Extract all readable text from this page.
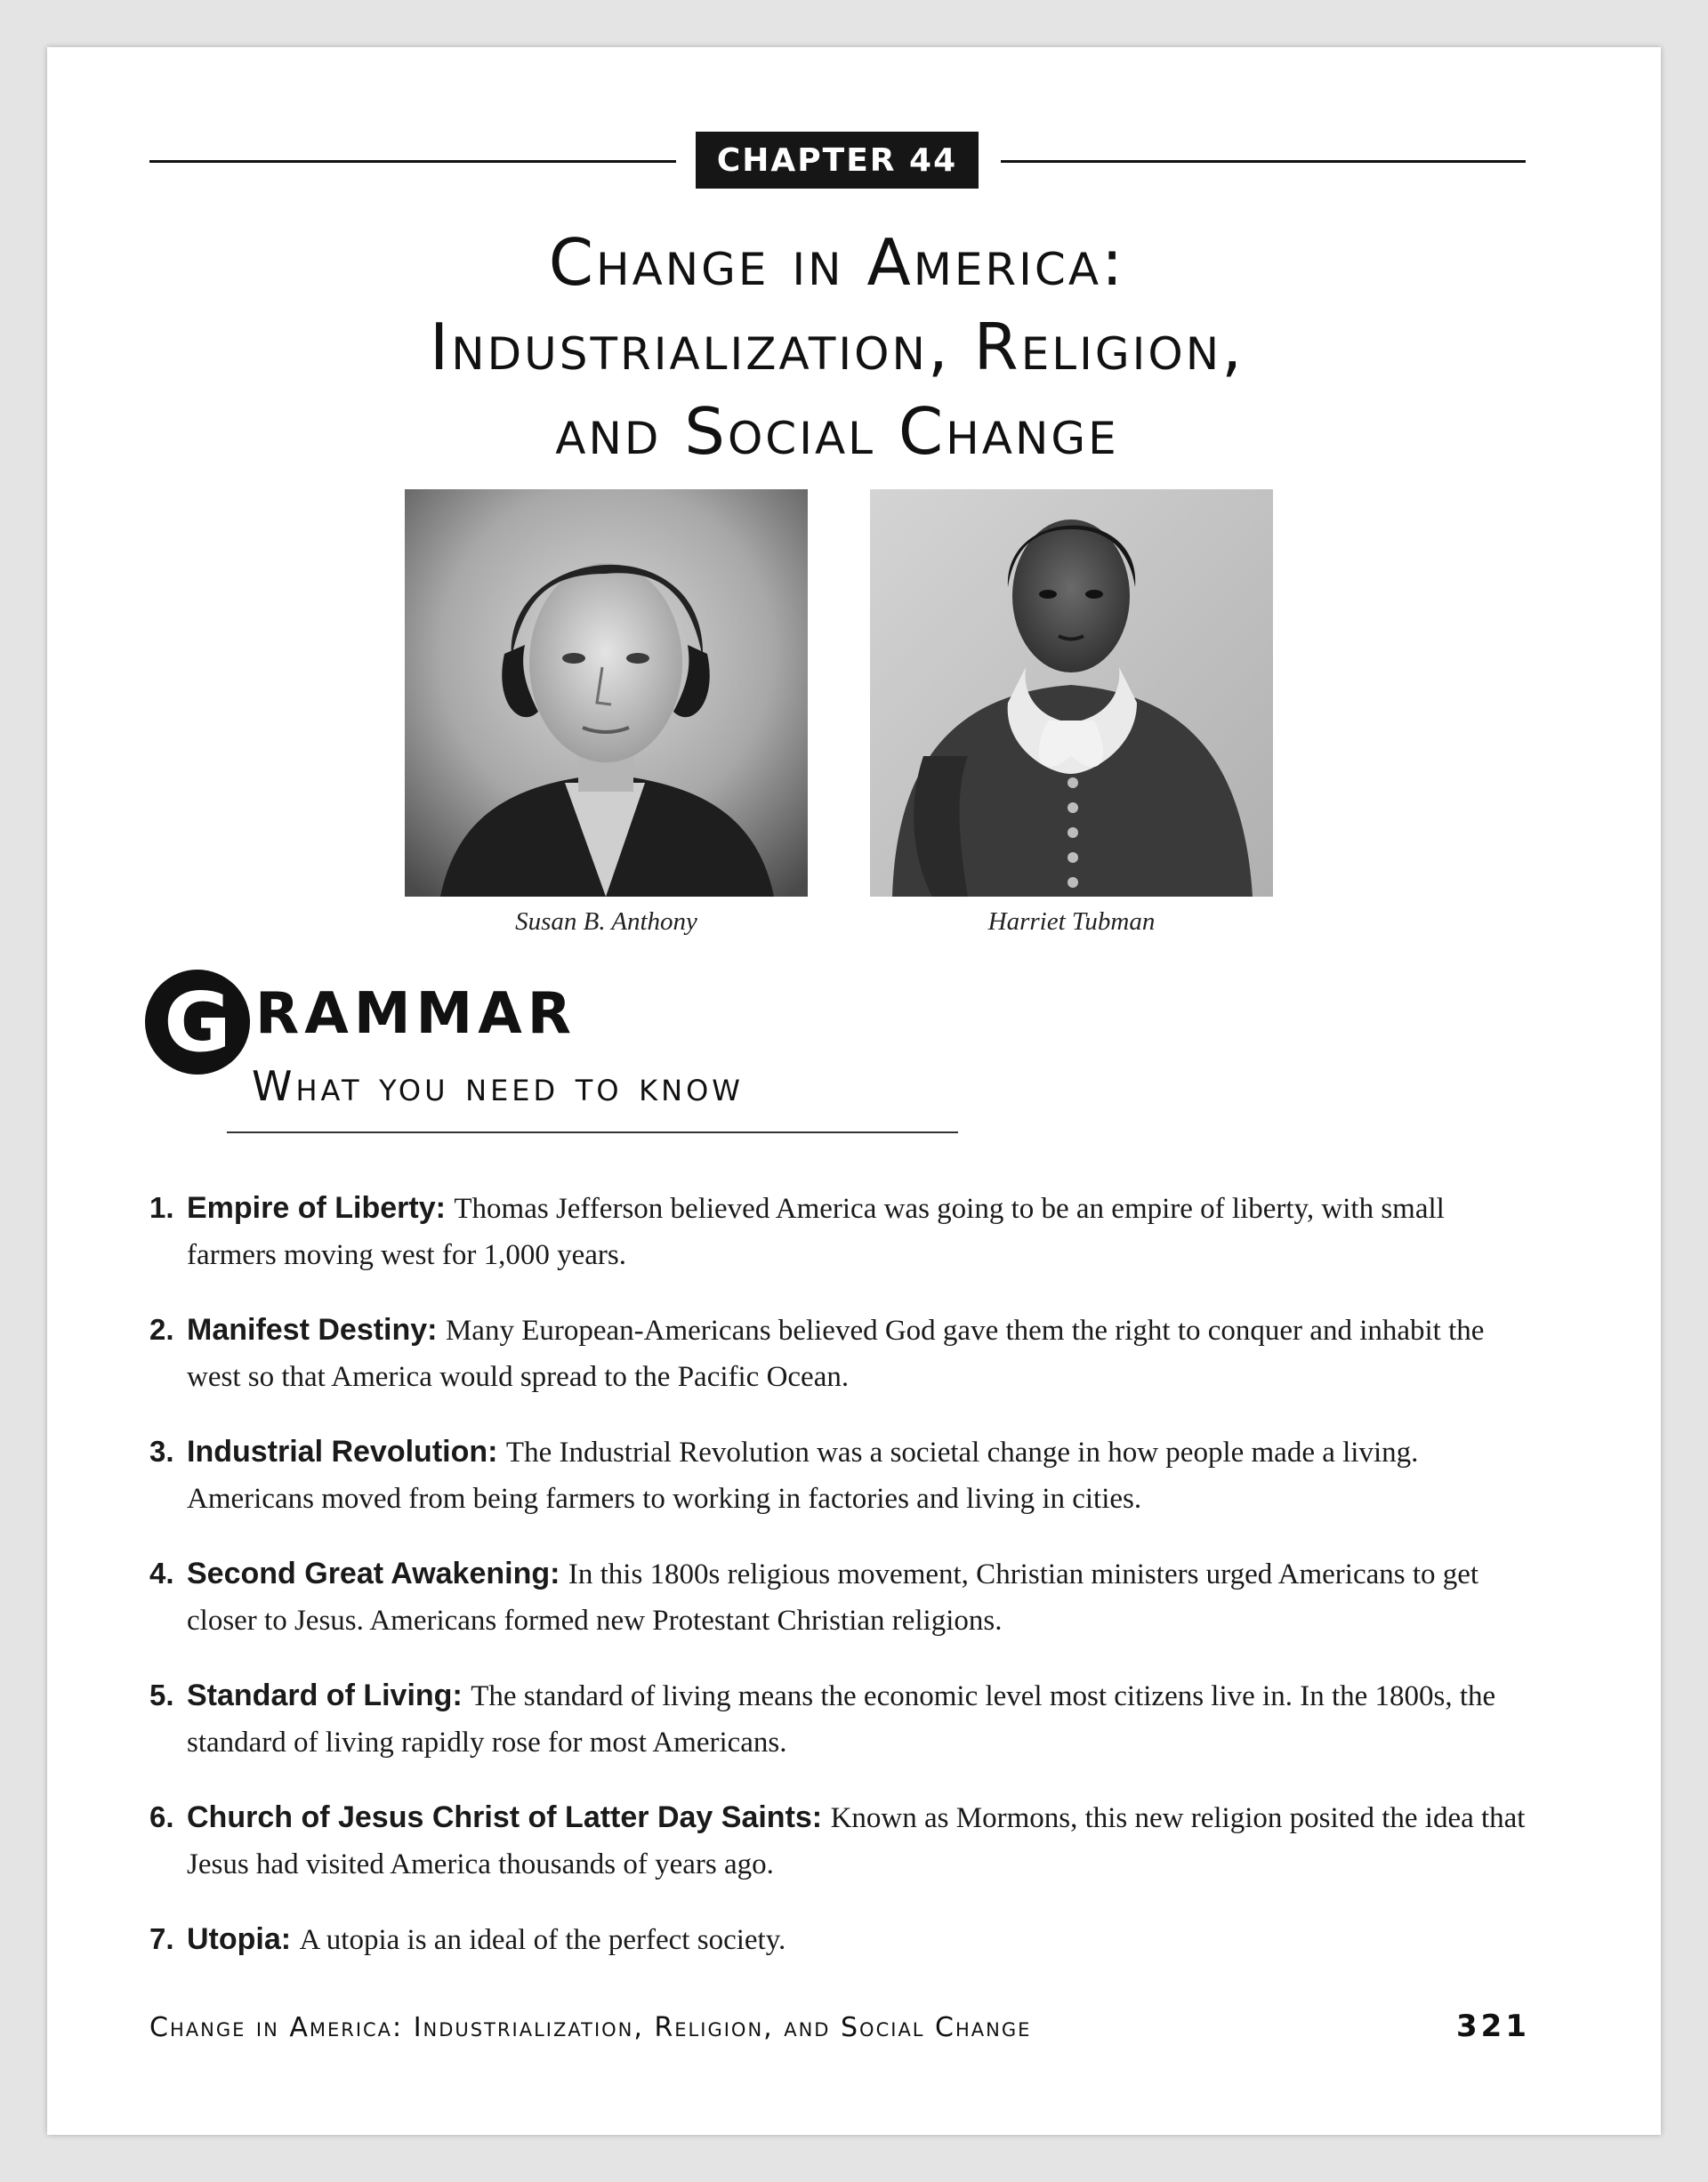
CHAPTER 44
Change in America:
Industrialization, Religion,
and Social Change
Susan B. Anthony	Harriet Tubman
G RAMMAR
What you need to know
1. Empire of Liberty: Thomas Jefferson believed America was going to be an empire of liberty, with small farmers moving west for 1,000 years.
2. Manifest Destiny: Many European-Americans believed God gave them the right to conquer and inhabit the west so that America would spread to the Pacific Ocean.
3. Industrial Revolution: The Industrial Revolution was a societal change in how people made a living. Americans moved from being farmers to working in factories and living in cities.
4. Second Great Awakening: In this 1800s religious movement, Christian ministers urged Americans to get closer to Jesus. Americans formed new Protestant Christian religions.
5. Standard of Living: The standard of living means the economic level most citizens live in. In the 1800s, the standard of living rapidly rose for most Americans.
6. Church of Jesus Christ of Latter Day Saints: Known as Mormons, this new religion posited the idea that Jesus had visited America thousands of years ago.
7. Utopia: A utopia is an ideal of the perfect society.
Change in America: Industrialization, Religion, and Social Change	321
